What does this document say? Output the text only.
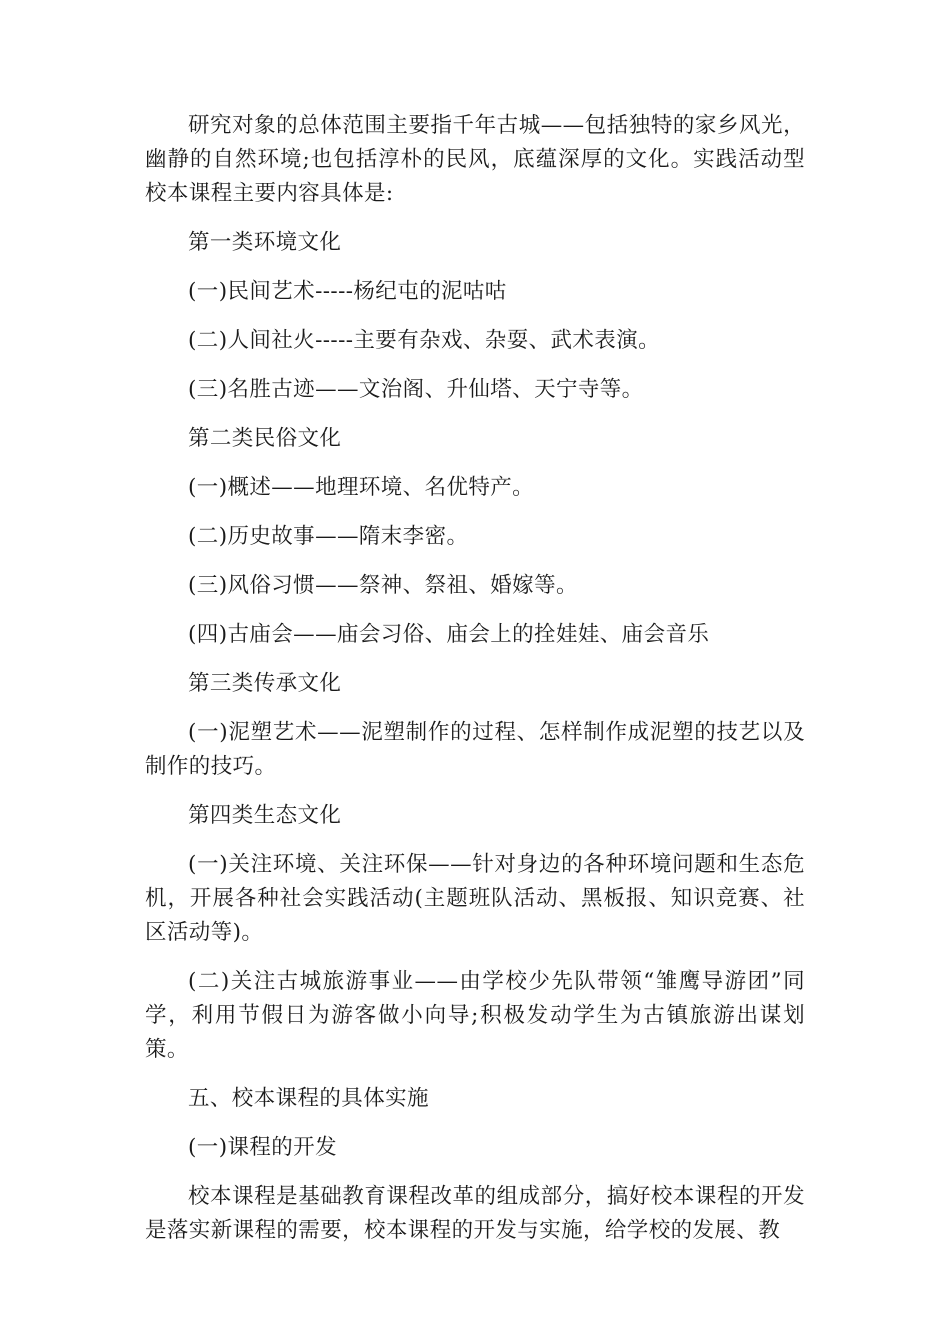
研究对象的总体范围主要指千年古城——包括独特的家乡风光，幽静的自然环境;也包括淳朴的民风，底蕴深厚的文化。实践活动型校本课程主要内容具体是:

第一类环境文化

(一)民间艺术-----杨纪屯的泥咕咕

(二)人间社火-----主要有杂戏、杂耍、武术表演。

(三)名胜古迹——文治阁、升仙塔、天宁寺等。

第二类民俗文化

(一)概述——地理环境、名优特产。

(二)历史故事——隋末李密。

(三)风俗习惯——祭神、祭祖、婚嫁等。

(四)古庙会——庙会习俗、庙会上的拴娃娃、庙会音乐

第三类传承文化

(一)泥塑艺术——泥塑制作的过程、怎样制作成泥塑的技艺以及制作的技巧。

第四类生态文化

(一)关注环境、关注环保——针对身边的各种环境问题和生态危机，开展各种社会实践活动(主题班队活动、黑板报、知识竞赛、社区活动等)。

(二)关注古城旅游事业——由学校少先队带领“雏鹰导游团”同学，利用节假日为游客做小向导;积极发动学生为古镇旅游出谋划策。

五、校本课程的具体实施

(一)课程的开发

校本课程是基础教育课程改革的组成部分，搞好校本课程的开发是落实新课程的需要，校本课程的开发与实施，给学校的发展、教
